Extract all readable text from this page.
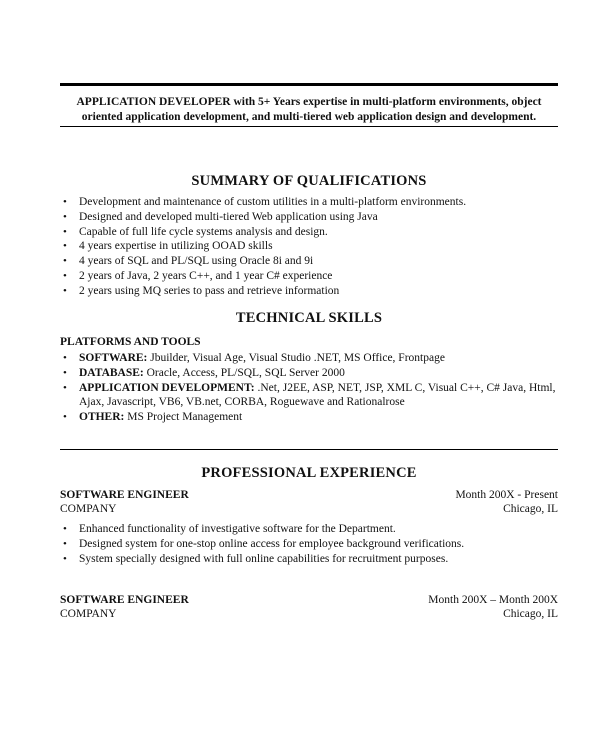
APPLICATION DEVELOPER with 5+ Years expertise in multi-platform environments, object
oriented application development, and multi-tiered web application design and development.
SUMMARY OF QUALIFICATIONS
• Development and maintenance of custom utilities in a multi-platform environments.
• Designed and developed multi-tiered Web application using Java
• Capable of full life cycle systems analysis and design.
• 4 years expertise in utilizing OOAD skills
• 4 years of SQL and PL/SQL using Oracle 8i and 9i
• 2 years of Java, 2 years C++, and 1 year C# experience
• 2 years using MQ series to pass and retrieve information
TECHNICAL SKILLS
PLATFORMS AND TOOLS
• SOFTWARE: Jbuilder, Visual Age, Visual Studio .NET, MS Office, Frontpage
• DATABASE: Oracle, Access, PL/SQL, SQL Server 2000
• APPLICATION DEVELOPMENT: .Net, J2EE, ASP, NET, JSP, XML C, Visual C++, C# Java, Html, Ajax, Javascript, VB6, VB.net, CORBA, Roguewave and Rationalrose
• OTHER: MS Project Management
PROFESSIONAL EXPERIENCE
SOFTWARE ENGINEER	Month 200X - Present
COMPANY	Chicago, IL
• Enhanced functionality of investigative software for the Department.
• Designed system for one-stop online access for employee background verifications.
• System specially designed with full online capabilities for recruitment purposes.
SOFTWARE ENGINEER	Month 200X – Month 200X
COMPANY	Chicago, IL
